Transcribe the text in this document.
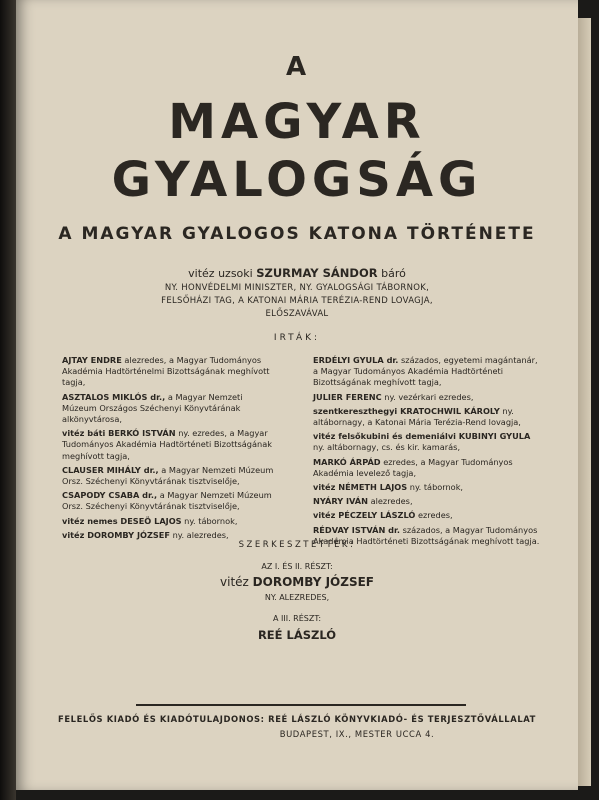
A
MAGYAR
GYALOGSÁG
A MAGYAR GYALOGOS KATONA TÖRTÉNETE
vitéz uzsoki SZURMAY SÁNDOR báró
NY. HONVÉDELMI MINISZTER, NY. GYALOGSÁGI TÁBORNOK,
FELSŐHÁZI TAG, A KATONAI MÁRIA TERÉZIA-REND LOVAGJA,
ELŐSZAVÁVAL
IRTÁK:
AJTAY ENDRE alezredes, a Magyar Tudományos Akadémia Hadtörténelmi Bizottságának meghívott tagja,
ASZTALOS MIKLÓS dr., a Magyar Nemzeti Múzeum Országos Széchenyi Könyvtárának alkönyvtárosa,
vitéz báti BERKÓ ISTVÁN ny. ezredes, a Magyar Tudományos Akadémia Hadtörténeti Bizottságának meghívott tagja,
CLAUSER MIHÁLY dr., a Magyar Nemzeti Múzeum Orsz. Széchenyi Könyvtárának tisztviselője,
CSAPODY CSABA dr., a Magyar Nemzeti Múzeum Orsz. Széchenyi Könyvtárának tisztviselője,
vitéz nemes DESEÖ LAJOS ny. tábornok,
vitéz DOROMBY JÓZSEF ny. alezredes,
ERDÉLYI GYULA dr. százados, egyetemi magántanár, a Magyar Tudományos Akadémia Hadtörténeti Bizottságának meghívott tagja,
JULIER FERENC ny. vezérkari ezredes,
szentkereszthegyi KRATOCHWIL KÁROLY ny. altábornagy, a Katonai Mária Terézia-Rend lovagja,
vitéz felsőkubini és demeniálvi KUBINYI GYULA ny. altábornagy, cs. és kir. kamarás,
MARKÓ ÁRPÁD ezredes, a Magyar Tudományos Akadémia levelező tagja,
vitéz NÉMETH LAJOS ny. tábornok,
NYÁRY IVÁN alezredes,
vitéz PÉCZELY LÁSZLÓ ezredes,
RÉDVAY ISTVÁN dr. százados, a Magyar Tudományos Akadémia Hadtörténeti Bizottságának meghívott tagja.
SZERKESZTETTÉK:
AZ I. ÉS II. RÉSZT:
vitéz DOROMBY JÓZSEF
NY. ALEZREDES,
A III. RÉSZT:
REÉ LÁSZLÓ
FELELŐS KIADÓ ÉS KIADÓTULAJDONOS: REÉ LÁSZLÓ KÖNYVKIADÓ- ÉS TERJESZTŐVÁLLALAT
BUDAPEST, IX., MESTER UCCA 4.
